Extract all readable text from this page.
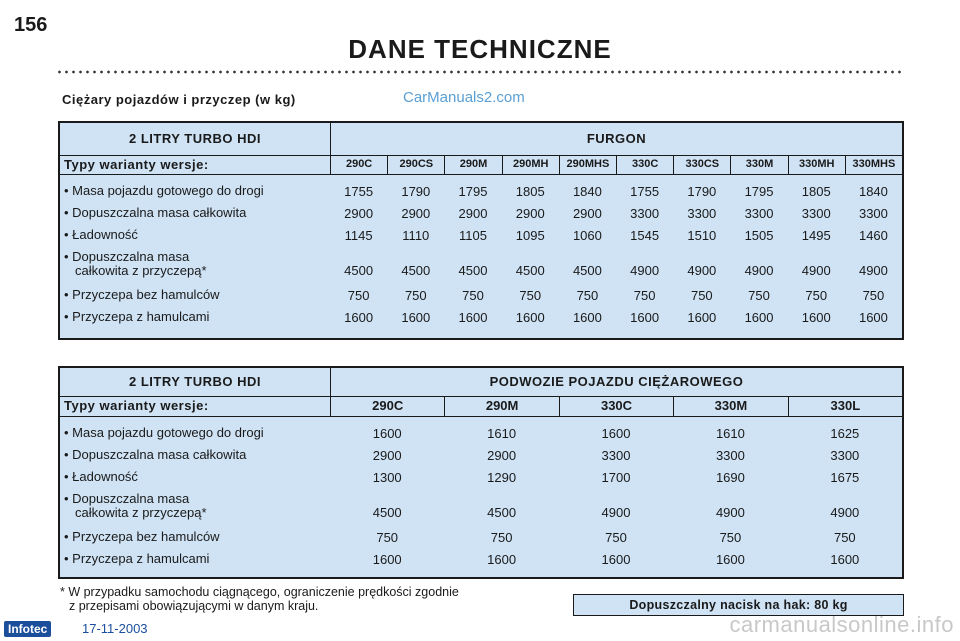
156
DANE TECHNICZNE
Ciężary pojazdów i przyczep (w kg)	CarManuals2.com
2 LITRY TURBO HDI	FURGON
Typy warianty wersje:	290C	290CS	290M	290MH	290MHS	330C	330CS	330M	330MH	330MHS
• Masa pojazdu gotowego do drogi	1755	1790	1795	1805	1840	1755	1790	1795	1805	1840
• Dopuszczalna masa całkowita	2900	2900	2900	2900	2900	3300	3300	3300	3300	3300
• Ładowność	1145	1110	1105	1095	1060	1545	1510	1505	1495	1460
• Dopuszczalna masa
całkowita z przyczepą*	4500	4500	4500	4500	4500	4900	4900	4900	4900	4900
• Przyczepa bez hamulców	750	750	750	750	750	750	750	750	750	750
• Przyczepa z hamulcami	1600	1600	1600	1600	1600	1600	1600	1600	1600	1600
2 LITRY TURBO HDI	PODWOZIE POJAZDU CIĘŻAROWEGO
Typy warianty wersje:	290C	290M	330C	330M	330L
• Masa pojazdu gotowego do drogi	1600	1610	1600	1610	1625
• Dopuszczalna masa całkowita	2900	2900	3300	3300	3300
• Ładowność	1300	1290	1700	1690	1675
• Dopuszczalna masa
całkowita z przyczepą*	4500	4500	4900	4900	4900
• Przyczepa bez hamulców	750	750	750	750	750
• Przyczepa z hamulcami	1600	1600	1600	1600	1600
* W przypadku samochodu ciągnącego, ograniczenie prędkości zgodnie
z przepisami obowiązującymi w danym kraju.	Dopuszczalny nacisk na hak: 80 kg
Infotec	17-11-2003	carmanualsonline.info
